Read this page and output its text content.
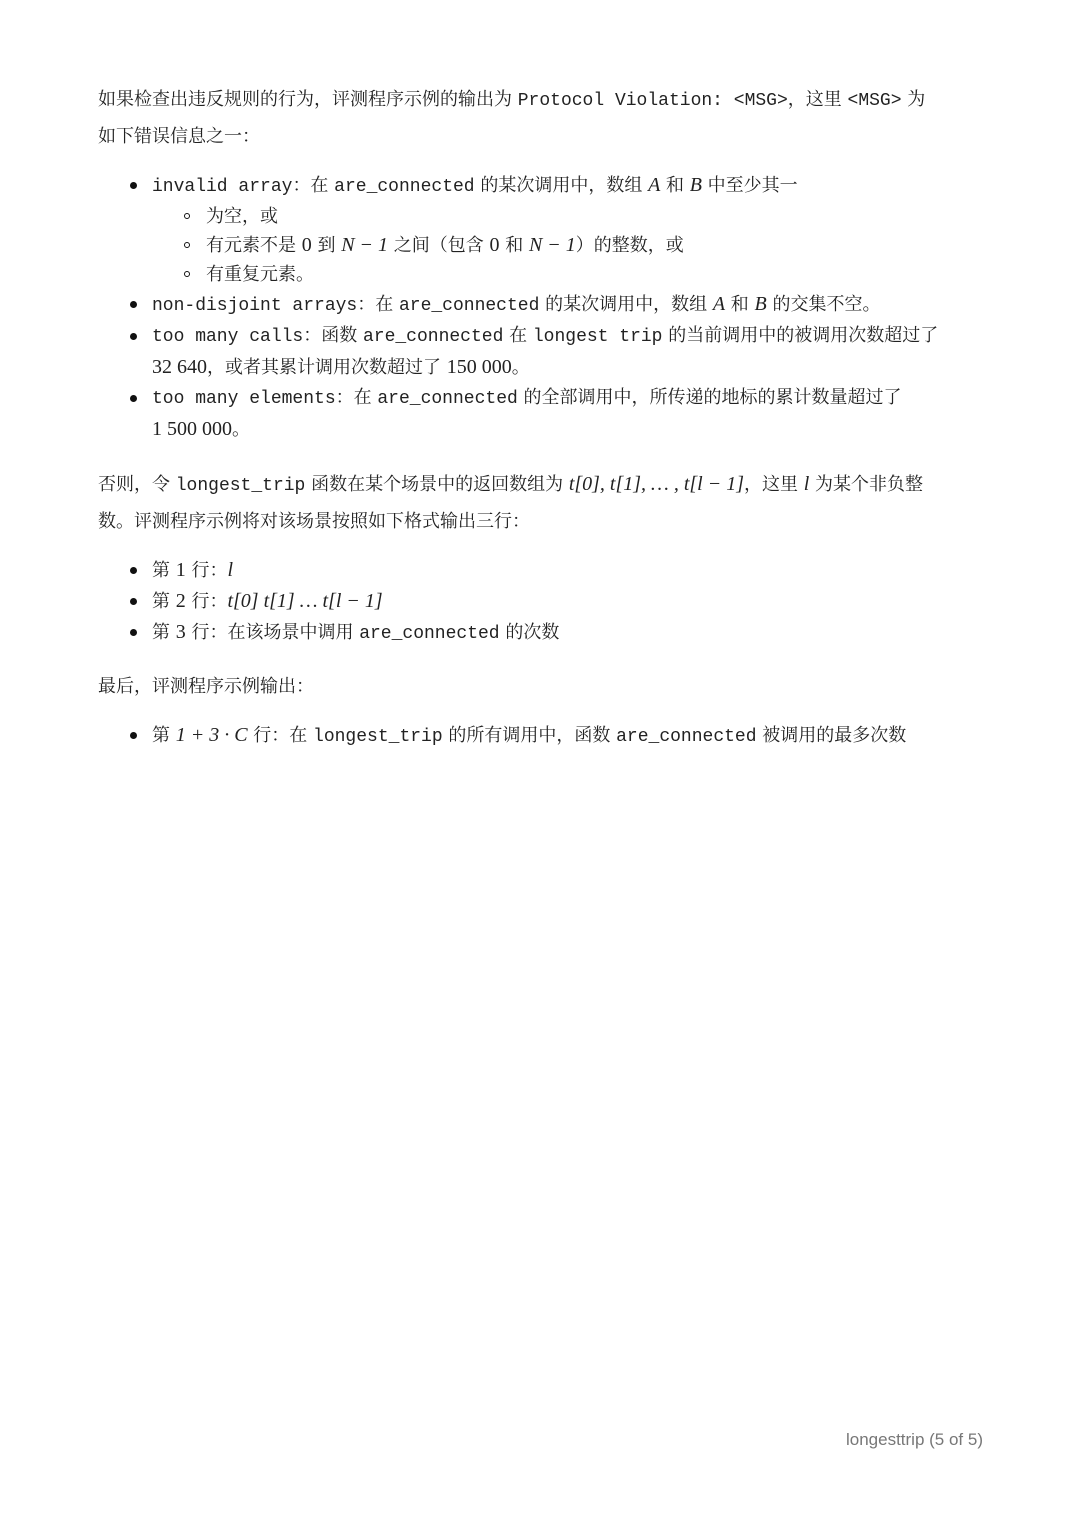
如果检查出违反规则的行为，评测程序示例的输出为 Protocol Violation: <MSG>，这里 <MSG> 为
如下错误信息之一：

invalid array：在 are_connected 的某次调用中，数组 A 和 B 中至少其一
为空，或
有元素不是 0 到 N − 1 之间（包含 0 和 N − 1）的整数，或
有重复元素。
non-disjoint arrays：在 are_connected 的某次调用中，数组 A 和 B 的交集不空。
too many calls：函数 are_connected 在 longest trip 的当前调用中的被调用次数超过了
32 640，或者其累计调用次数超过了 150 000。
too many elements：在 are_connected 的全部调用中，所传递的地标的累计数量超过了
1 500 000。

否则，令 longest_trip 函数在某个场景中的返回数组为 t[0], t[1], … , t[l − 1]，这里 l 为某个非负整
数。评测程序示例将对该场景按照如下格式输出三行：

第 1 行：l
第 2 行：t[0] t[1] … t[l − 1]
第 3 行：在该场景中调用 are_connected 的次数

最后，评测程序示例输出：

第 1 + 3 · C 行：在 longest_trip 的所有调用中，函数 are_connected 被调用的最多次数
longesttrip (5 of 5)
